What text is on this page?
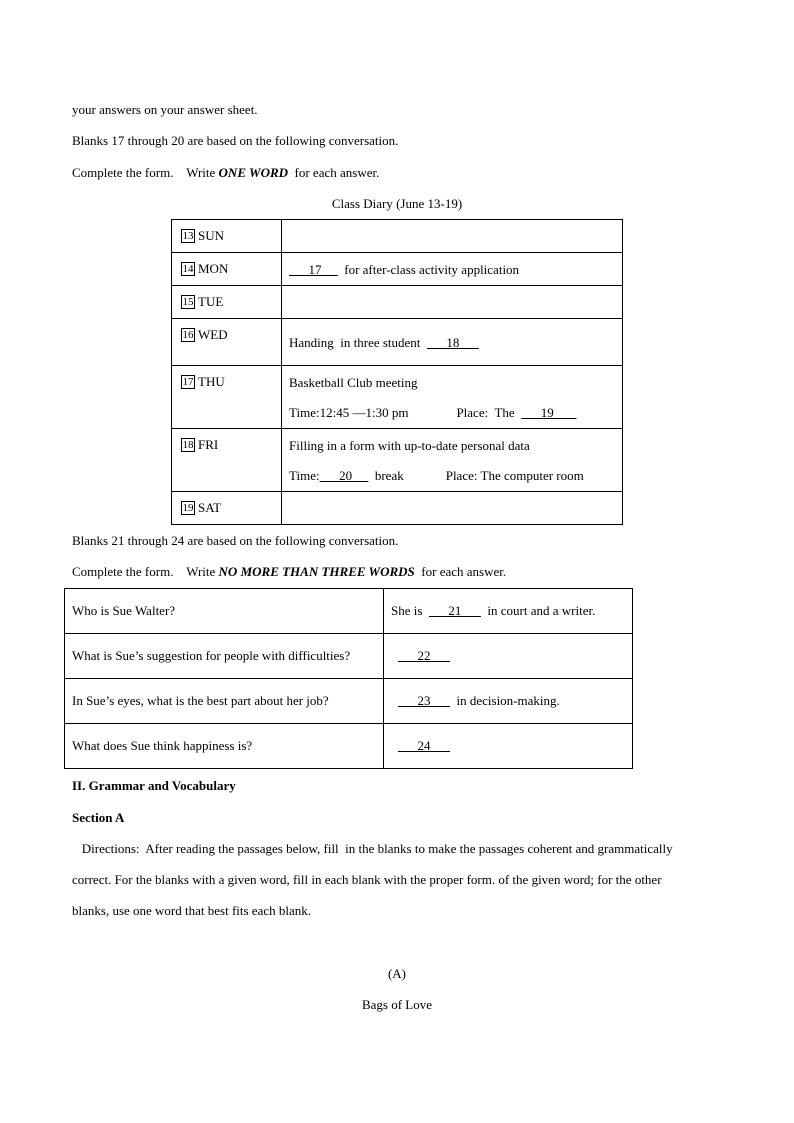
your answers on your answer sheet.
Blanks 17 through 20 are based on the following conversation.
Complete the form.    Write ONE WORD  for each answer.
Class Diary (June 13-19)
13 SUN	
14 MON	17       for after-class activity application
15 TUE	
16 WED	Handing  in three student        18
17 THU	Basketball Club meeting
Time:12:45 —1:30 pm Place:  The        19

18 FRI	Filling in a form with up-to-date personal data
Time: 20       break Place: The computer room

19 SAT	
Blanks 21 through 24 are based on the following conversation.
Complete the form.    Write NO MORE THAN THREE WORDS  for each answer.
Who is Sue Walter?	She is        21        in court and a writer.
What is Sue’s suggestion for people with difficulties?	22
In Sue’s eyes, what is the best part about her job?	23        in decision-making.
What does Sue think happiness is?	24
II. Grammar and Vocabulary
Section A
Directions:  After reading the passages below, fill  in the blanks to make the passages coherent and grammatically
correct. For the blanks with a given word, fill in each blank with the proper form. of the given word; for the other
blanks, use one word that best fits each blank.
(A)
Bags of Love
